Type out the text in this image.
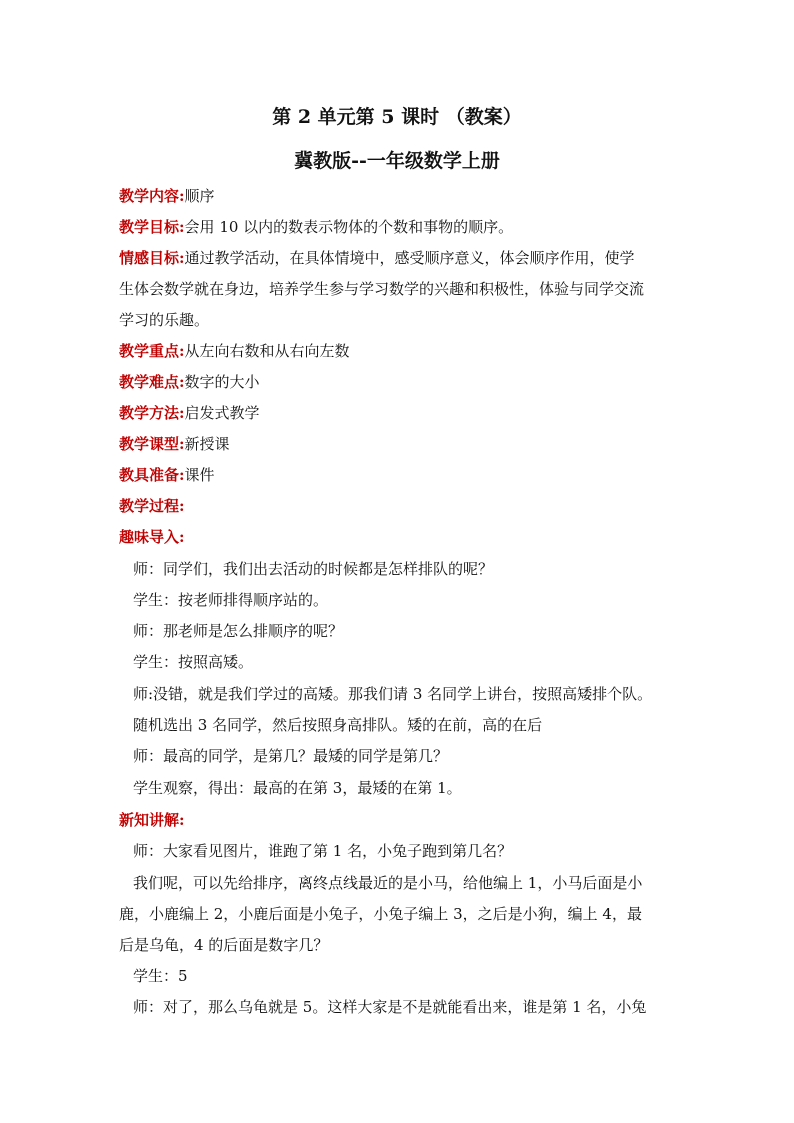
第 2 单元第 5 课时 （教案）
冀教版--一年级数学上册
教学内容:顺序
教学目标:会用 10 以内的数表示物体的个数和事物的顺序。
情感目标:通过教学活动，在具体情境中，感受顺序意义，体会顺序作用，使学
生体会数学就在身边，培养学生参与学习数学的兴趣和积极性，体验与同学交流
学习的乐趣。
教学重点:从左向右数和从右向左数
教学难点:数字的大小
教学方法:启发式教学
教学课型:新授课
教具准备:课件
教学过程:
趣味导入:
师：同学们，我们出去活动的时候都是怎样排队的呢？
学生：按老师排得顺序站的。
师：那老师是怎么排顺序的呢？
学生：按照高矮。
师:没错，就是我们学过的高矮。那我们请 3 名同学上讲台，按照高矮排个队。
随机选出 3 名同学，然后按照身高排队。矮的在前，高的在后
师：最高的同学，是第几？最矮的同学是第几？
学生观察，得出：最高的在第 3，最矮的在第 1。
新知讲解:
师：大家看见图片，谁跑了第 1 名，小兔子跑到第几名？
我们呢，可以先给排序，离终点线最近的是小马，给他编上 1，小马后面是小
鹿，小鹿编上 2，小鹿后面是小兔子，小兔子编上 3，之后是小狗，编上 4，最
后是乌龟，4 的后面是数字几？
学生：5
师：对了，那么乌龟就是 5。这样大家是不是就能看出来，谁是第 1 名，小兔
